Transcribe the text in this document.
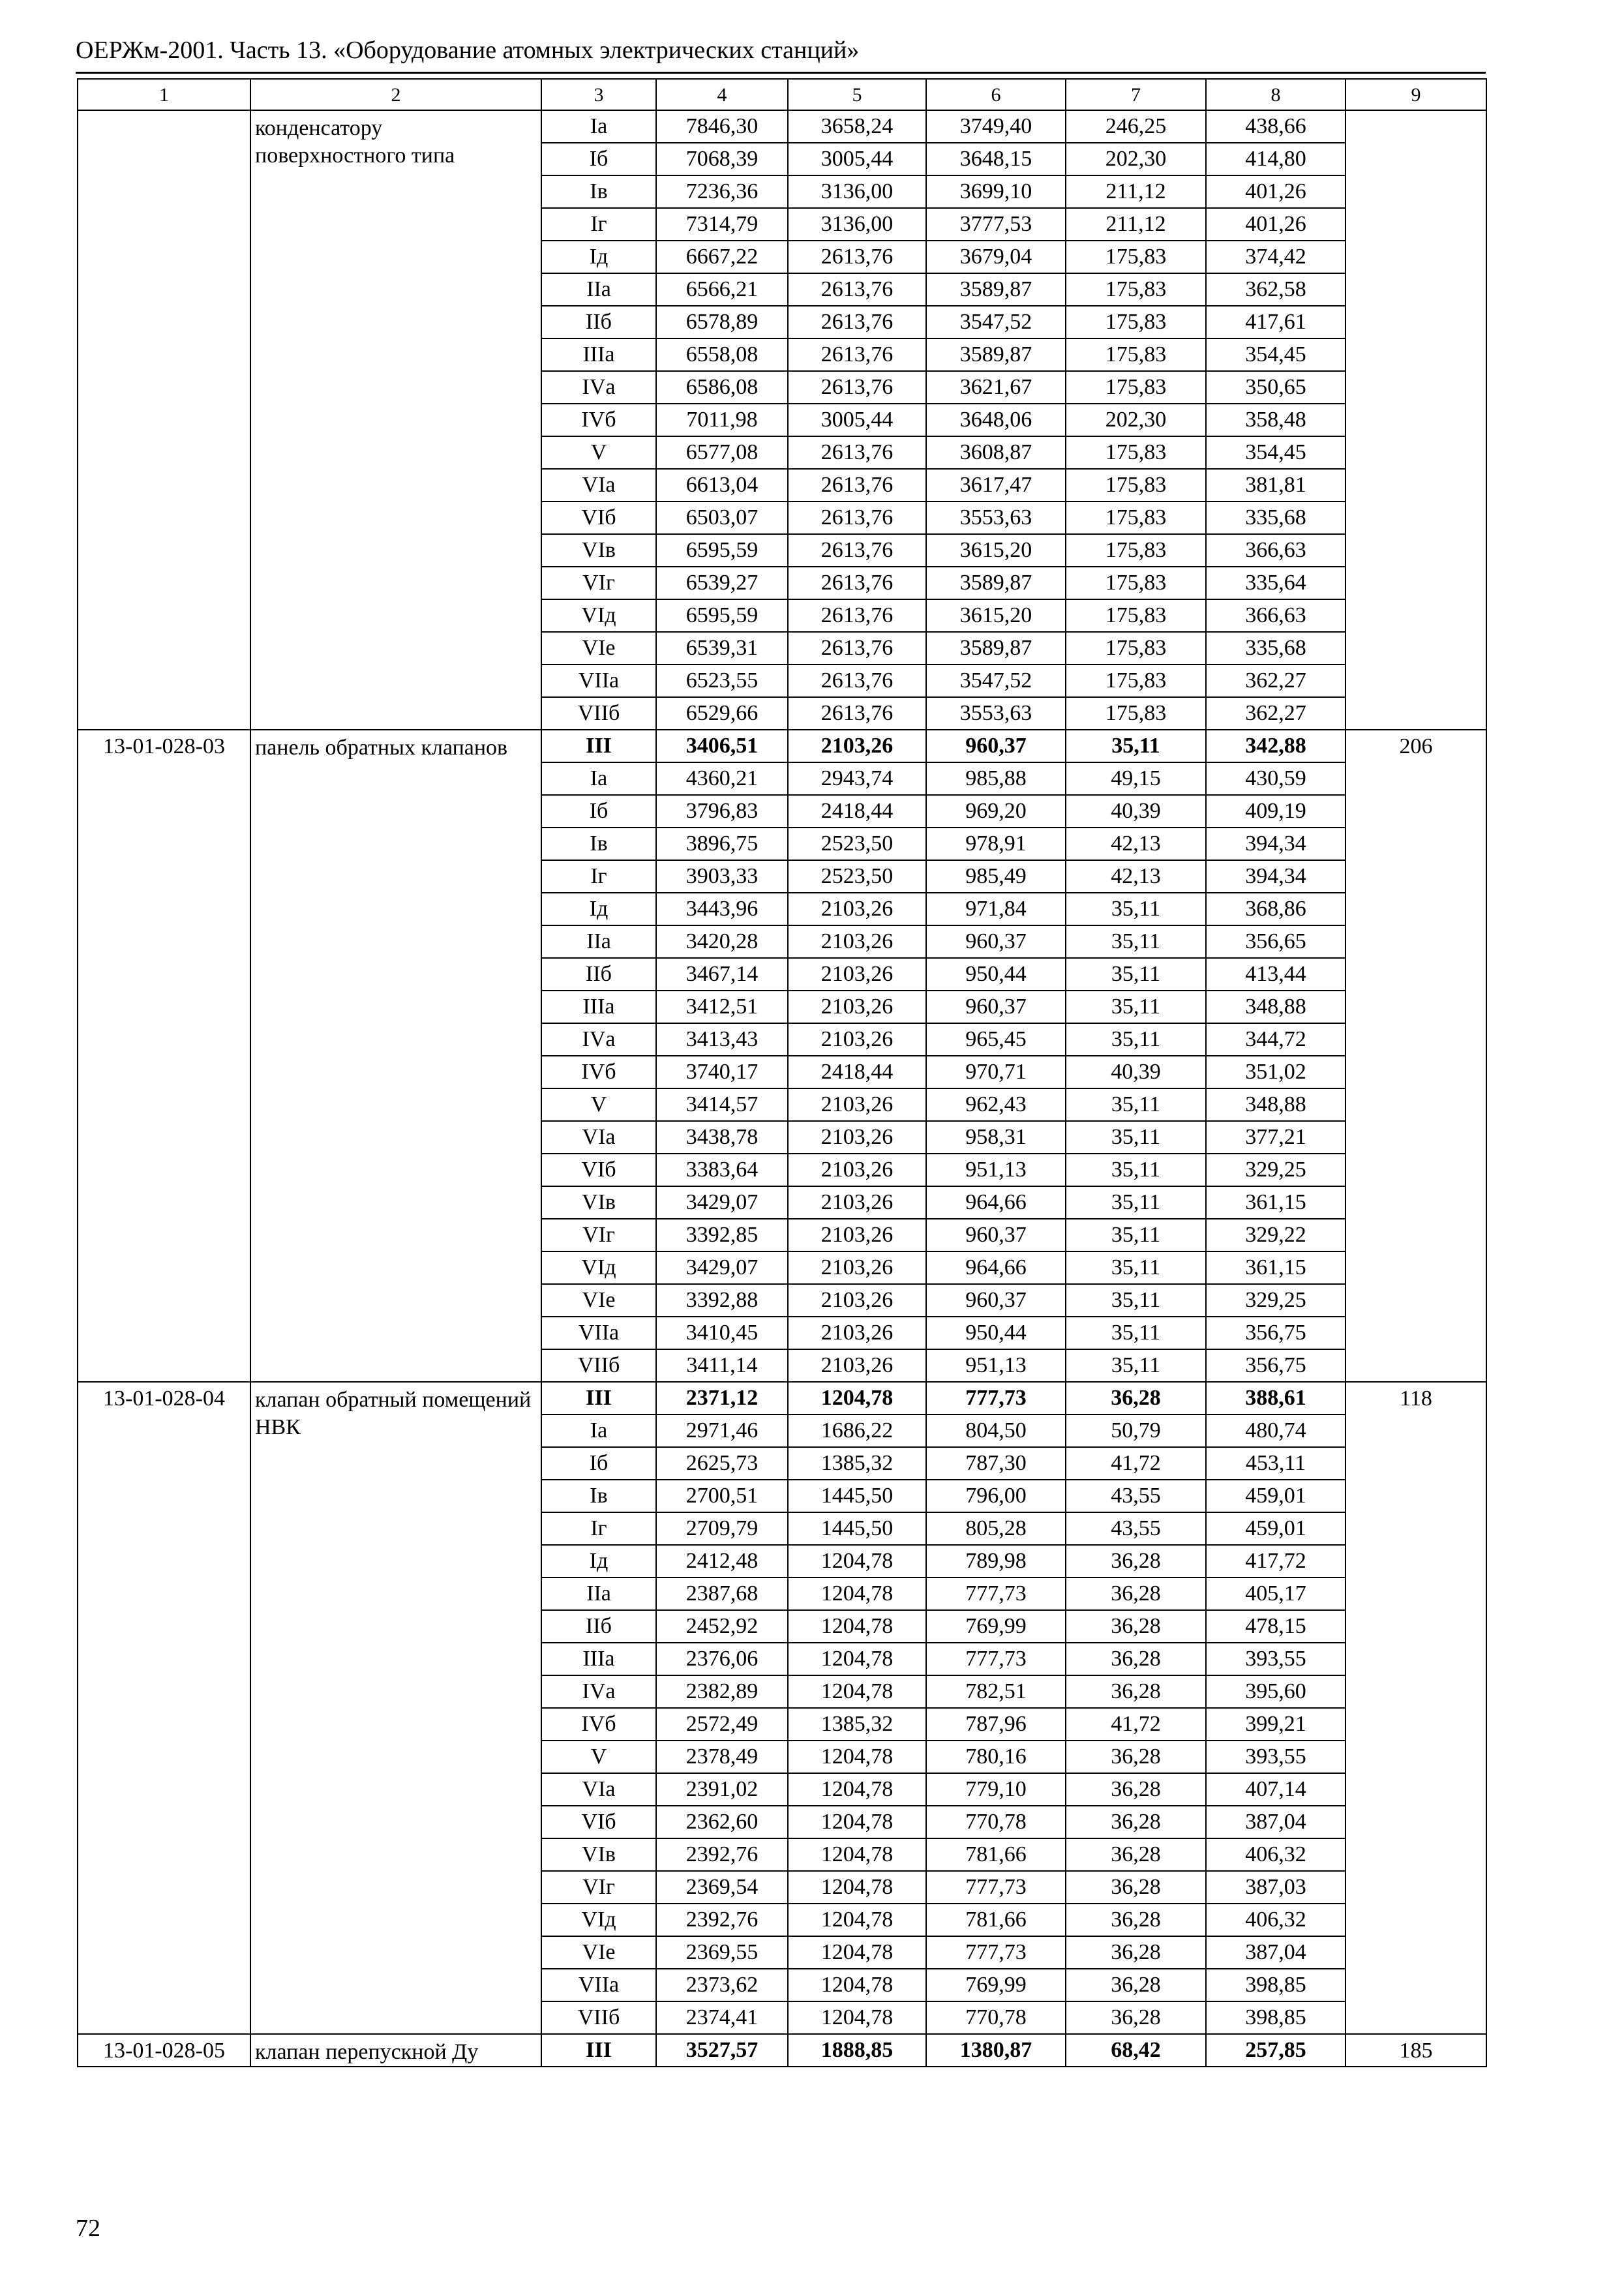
ОЕРЖм-2001. Часть 13. «Оборудование атомных электрических станций»
1	2	3	4	5	6	7	8	9
	конденсатору поверхностного типа	Iа	7846,30	3658,24	3749,40	246,25	438,66	
		Iб	7068,39	3005,44	3648,15	202,30	414,80	
		Iв	7236,36	3136,00	3699,10	211,12	401,26	
		Iг	7314,79	3136,00	3777,53	211,12	401,26	
		Iд	6667,22	2613,76	3679,04	175,83	374,42	
		IIа	6566,21	2613,76	3589,87	175,83	362,58	
		IIб	6578,89	2613,76	3547,52	175,83	417,61	
		IIIа	6558,08	2613,76	3589,87	175,83	354,45	
		IVа	6586,08	2613,76	3621,67	175,83	350,65	
		IVб	7011,98	3005,44	3648,06	202,30	358,48	
		V	6577,08	2613,76	3608,87	175,83	354,45	
		VIа	6613,04	2613,76	3617,47	175,83	381,81	
		VIб	6503,07	2613,76	3553,63	175,83	335,68	
		VIв	6595,59	2613,76	3615,20	175,83	366,63	
		VIг	6539,27	2613,76	3589,87	175,83	335,64	
		VIд	6595,59	2613,76	3615,20	175,83	366,63	
		VIе	6539,31	2613,76	3589,87	175,83	335,68	
		VIIа	6523,55	2613,76	3547,52	175,83	362,27	
		VIIб	6529,66	2613,76	3553,63	175,83	362,27	
13-01-028-03	панель обратных клапанов	III	3406,51	2103,26	960,37	35,11	342,88	206
		Iа	4360,21	2943,74	985,88	49,15	430,59	
		Iб	3796,83	2418,44	969,20	40,39	409,19	
		Iв	3896,75	2523,50	978,91	42,13	394,34	
		Iг	3903,33	2523,50	985,49	42,13	394,34	
		Iд	3443,96	2103,26	971,84	35,11	368,86	
		IIа	3420,28	2103,26	960,37	35,11	356,65	
		IIб	3467,14	2103,26	950,44	35,11	413,44	
		IIIа	3412,51	2103,26	960,37	35,11	348,88	
		IVа	3413,43	2103,26	965,45	35,11	344,72	
		IVб	3740,17	2418,44	970,71	40,39	351,02	
		V	3414,57	2103,26	962,43	35,11	348,88	
		VIа	3438,78	2103,26	958,31	35,11	377,21	
		VIб	3383,64	2103,26	951,13	35,11	329,25	
		VIв	3429,07	2103,26	964,66	35,11	361,15	
		VIг	3392,85	2103,26	960,37	35,11	329,22	
		VIд	3429,07	2103,26	964,66	35,11	361,15	
		VIе	3392,88	2103,26	960,37	35,11	329,25	
		VIIа	3410,45	2103,26	950,44	35,11	356,75	
		VIIб	3411,14	2103,26	951,13	35,11	356,75	
13-01-028-04	клапан обратный помещений НВК	III	2371,12	1204,78	777,73	36,28	388,61	118
		Iа	2971,46	1686,22	804,50	50,79	480,74	
		Iб	2625,73	1385,32	787,30	41,72	453,11	
		Iв	2700,51	1445,50	796,00	43,55	459,01	
		Iг	2709,79	1445,50	805,28	43,55	459,01	
		Iд	2412,48	1204,78	789,98	36,28	417,72	
		IIа	2387,68	1204,78	777,73	36,28	405,17	
		IIб	2452,92	1204,78	769,99	36,28	478,15	
		IIIа	2376,06	1204,78	777,73	36,28	393,55	
		IVа	2382,89	1204,78	782,51	36,28	395,60	
		IVб	2572,49	1385,32	787,96	41,72	399,21	
		V	2378,49	1204,78	780,16	36,28	393,55	
		VIа	2391,02	1204,78	779,10	36,28	407,14	
		VIб	2362,60	1204,78	770,78	36,28	387,04	
		VIв	2392,76	1204,78	781,66	36,28	406,32	
		VIг	2369,54	1204,78	777,73	36,28	387,03	
		VIд	2392,76	1204,78	781,66	36,28	406,32	
		VIе	2369,55	1204,78	777,73	36,28	387,04	
		VIIа	2373,62	1204,78	769,99	36,28	398,85	
		VIIб	2374,41	1204,78	770,78	36,28	398,85	
13-01-028-05	клапан перепускной Ду	III	3527,57	1888,85	1380,87	68,42	257,85	185
72
